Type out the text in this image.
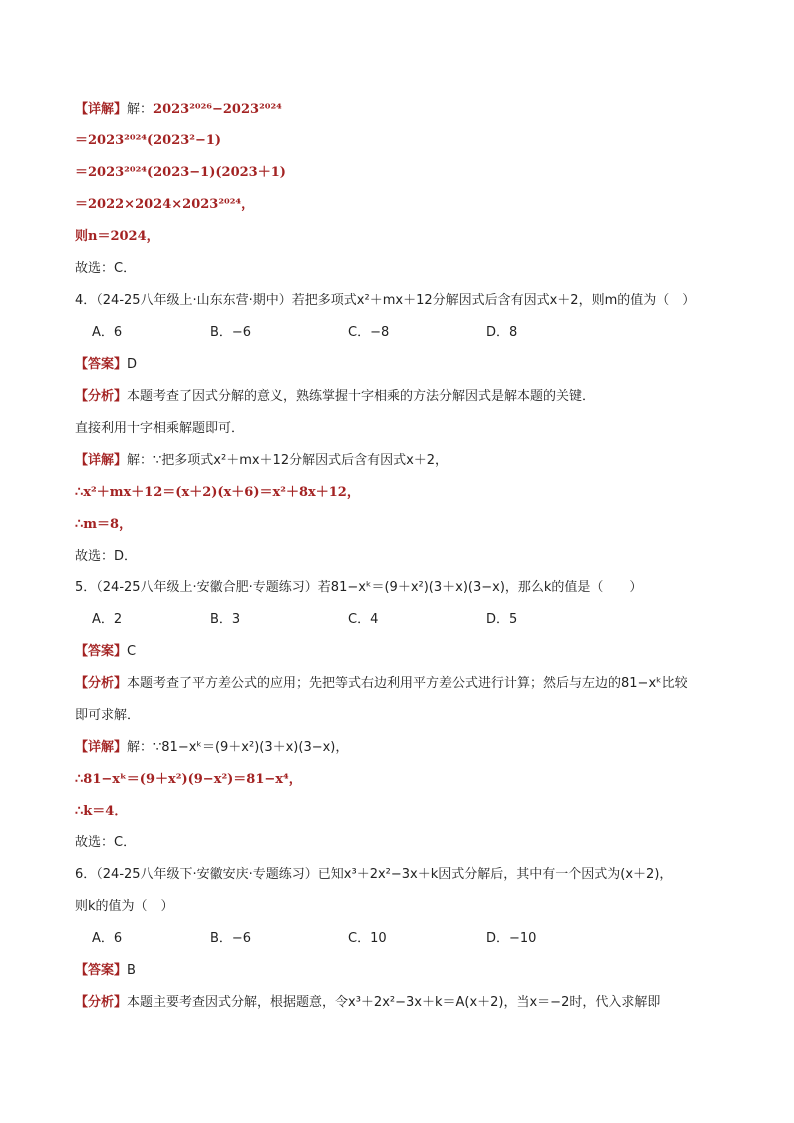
【详解】解：2023²⁰²⁶−2023²⁰²⁴
＝2023²⁰²⁴(2023²−1)
＝2023²⁰²⁴(2023−1)(2023＋1)
＝2022×2024×2023²⁰²⁴，
则n＝2024，
故选：C．
4．（24-25八年级上·山东东营·期中）若把多项式x²＋mx＋12分解因式后含有因式x＋2，则m的值为（　）
A．6	B．−6	C．−8	D．8
【答案】D
【分析】本题考查了因式分解的意义，熟练掌握十字相乘的方法分解因式是解本题的关键．
直接利用十字相乘解题即可．
【详解】解：∵把多项式x²＋mx＋12分解因式后含有因式x＋2，
∴x²＋mx＋12＝(x＋2)(x＋6)＝x²＋8x＋12，
∴m＝8，
故选：D．
5．（24-25八年级上·安徽合肥·专题练习）若81−xᵏ＝(9＋x²)(3＋x)(3−x)，那么k的值是（　　）
A．2	B．3	C．4	D．5
【答案】C
【分析】本题考查了平方差公式的应用；先把等式右边利用平方差公式进行计算；然后与左边的81−xᵏ比较
即可求解．
【详解】解：∵81−xᵏ＝(9＋x²)(3＋x)(3−x)，
∴81−xᵏ＝(9＋x²)(9−x²)＝81−x⁴，
∴k＝4．
故选：C．
6．（24-25八年级下·安徽安庆·专题练习）已知x³＋2x²−3x＋k因式分解后，其中有一个因式为(x＋2)，
则k的值为（　）
A．6	B．−6	C．10	D．−10
【答案】B
【分析】本题主要考查因式分解，根据题意，令x³＋2x²−3x＋k＝A(x＋2)，当x＝−2时，代入求解即
